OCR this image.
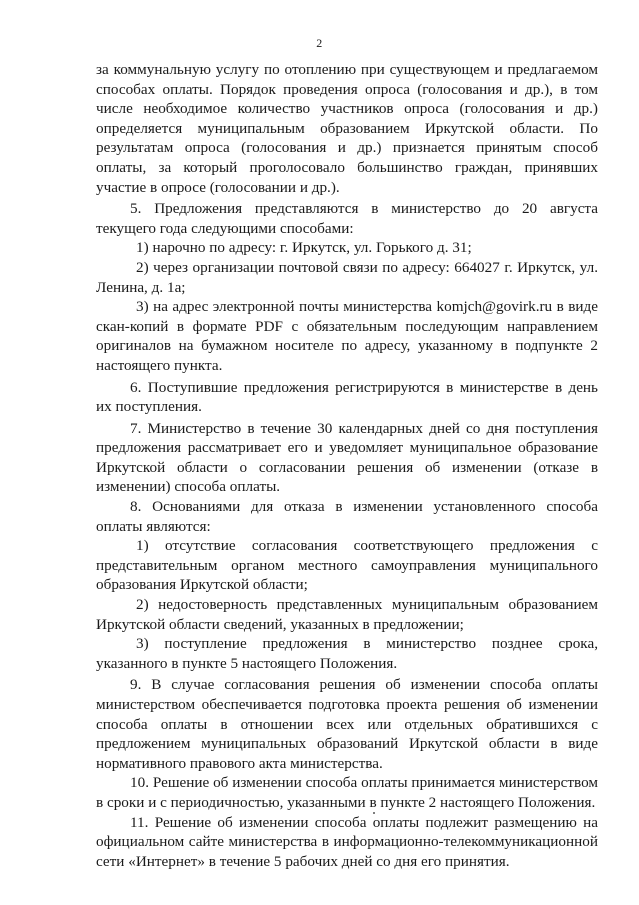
2

за коммунальную услугу по отоплению при существующем и предлагаемом способах оплаты. Порядок проведения опроса (голосования и др.), в том числе необходимое количество участников опроса (голосования и др.) определяется муниципальным образованием Иркутской области. По результатам опроса (голосования и др.) признается принятым способ оплаты, за который проголосовало большинство граждан, принявших участие в опросе (голосовании и др.).

5. Предложения представляются в министерство до 20 августа текущего года следующими способами:

1) нарочно по адресу: г. Иркутск, ул. Горького д. 31;

2) через организации почтовой связи по адресу: 664027 г. Иркутск, ул. Ленина, д. 1а;

3) на адрес электронной почты министерства komjch@govirk.ru в виде скан-копий в формате PDF с обязательным последующим направлением оригиналов на бумажном носителе по адресу, указанному в подпункте 2 настоящего пункта.

6. Поступившие предложения регистрируются в министерстве в день их поступления.

7. Министерство в течение 30 календарных дней со дня поступления предложения рассматривает его и уведомляет муниципальное образование Иркутской области о согласовании решения об изменении (отказе в изменении) способа оплаты.

8. Основаниями для отказа в изменении установленного способа оплаты являются:

1) отсутствие согласования соответствующего предложения с представительным органом местного самоуправления муниципального образования Иркутской области;

2) недостоверность представленных муниципальным образованием Иркутской области сведений, указанных в предложении;

3) поступление предложения в министерство позднее срока, указанного в пункте 5 настоящего Положения.

9. В случае согласования решения об изменении способа оплаты министерством обеспечивается подготовка проекта решения об изменении способа оплаты в отношении всех или отдельных обратившихся с предложением муниципальных образований Иркутской области в виде нормативного правового акта министерства.

10. Решение об изменении способа оплаты принимается министерством в сроки и с периодичностью, указанными в пункте 2 настоящего Положения.

11. Решение об изменении способа оплаты подлежит размещению на официальном сайте министерства в информационно-телекоммуникационной сети «Интернет» в течение 5 рабочих дней со дня его принятия.
